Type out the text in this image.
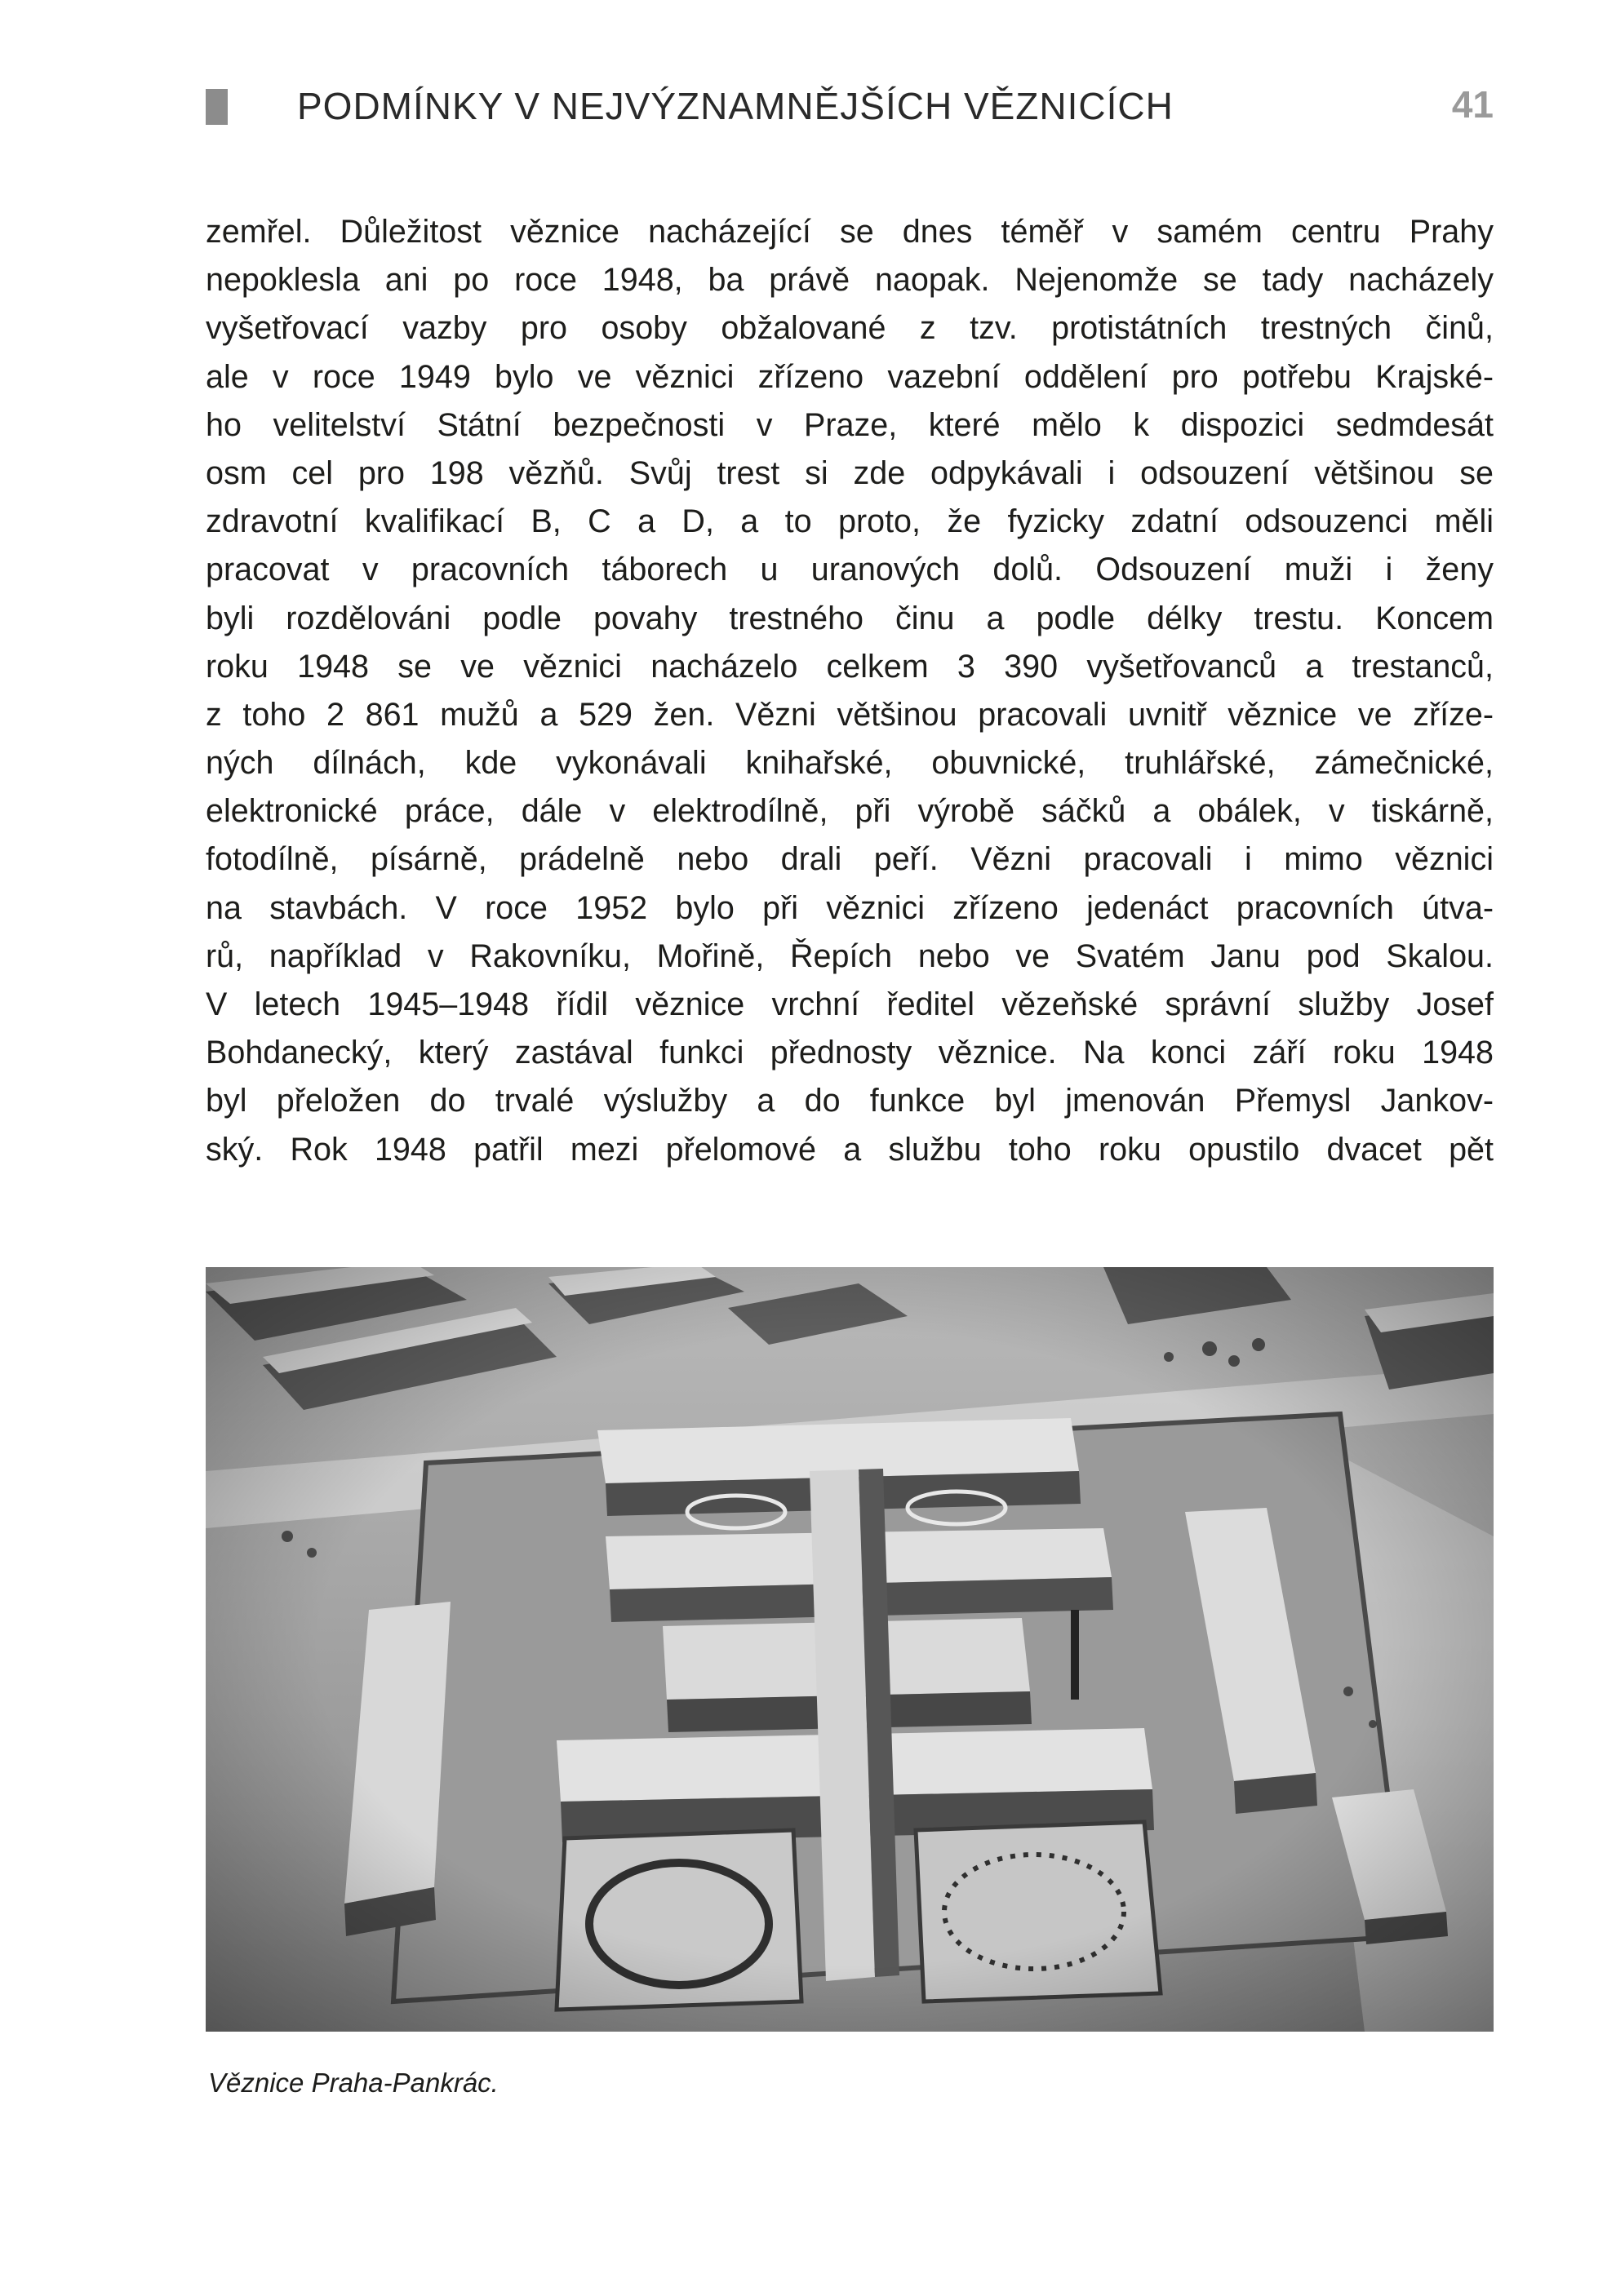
PODMÍNKY V NEJVÝZNAMNĚJŠÍCH VĚZNICÍCH	41
zemřel. Důležitost věznice nacházející se dnes téměř v samém centru Prahy
nepoklesla ani po roce 1948, ba právě naopak. Nejenomže se tady nacházely
vyšetřovací vazby pro osoby obžalované z tzv. protistátních trestných činů,
ale v roce 1949 bylo ve věznici zřízeno vazební oddělení pro potřebu Krajské-
ho velitelství Státní bezpečnosti v Praze, které mělo k dispozici sedmdesát
osm cel pro 198 vězňů. Svůj trest si zde odpykávali i odsouzení většinou se
zdravotní kvalifikací B, C a D, a to proto, že fyzicky zdatní odsouzenci měli
pracovat v pracovních táborech u uranových dolů. Odsouzení muži i ženy
byli rozdělováni podle povahy trestného činu a podle délky trestu. Koncem
roku 1948 se ve věznici nacházelo celkem 3 390 vyšetřovanců a trestanců,
z toho 2 861 mužů a 529 žen. Vězni většinou pracovali uvnitř věznice ve zříze-
ných dílnách, kde vykonávali knihařské, obuvnické, truhlářské, zámečnické,
elektronické práce, dále v elektrodílně, při výrobě sáčků a obálek, v tiskárně,
fotodílně, písárně, prádelně nebo drali peří. Vězni pracovali i mimo věznici
na stavbách. V roce 1952 bylo při věznici zřízeno jedenáct pracovních útva-
rů, například v Rakovníku, Mořině, Řepích nebo ve Svatém Janu pod Skalou.
V letech 1945–1948 řídil věznice vrchní ředitel vězeňské správní služby Josef
Bohdanecký, který zastával funkci přednosty věznice. Na konci září roku 1948
byl přeložen do trvalé výslužby a do funkce byl jmenován Přemysl Jankov-
ský. Rok 1948 patřil mezi přelomové a službu toho roku opustilo dvacet pět
Věznice Praha-Pankrác.
